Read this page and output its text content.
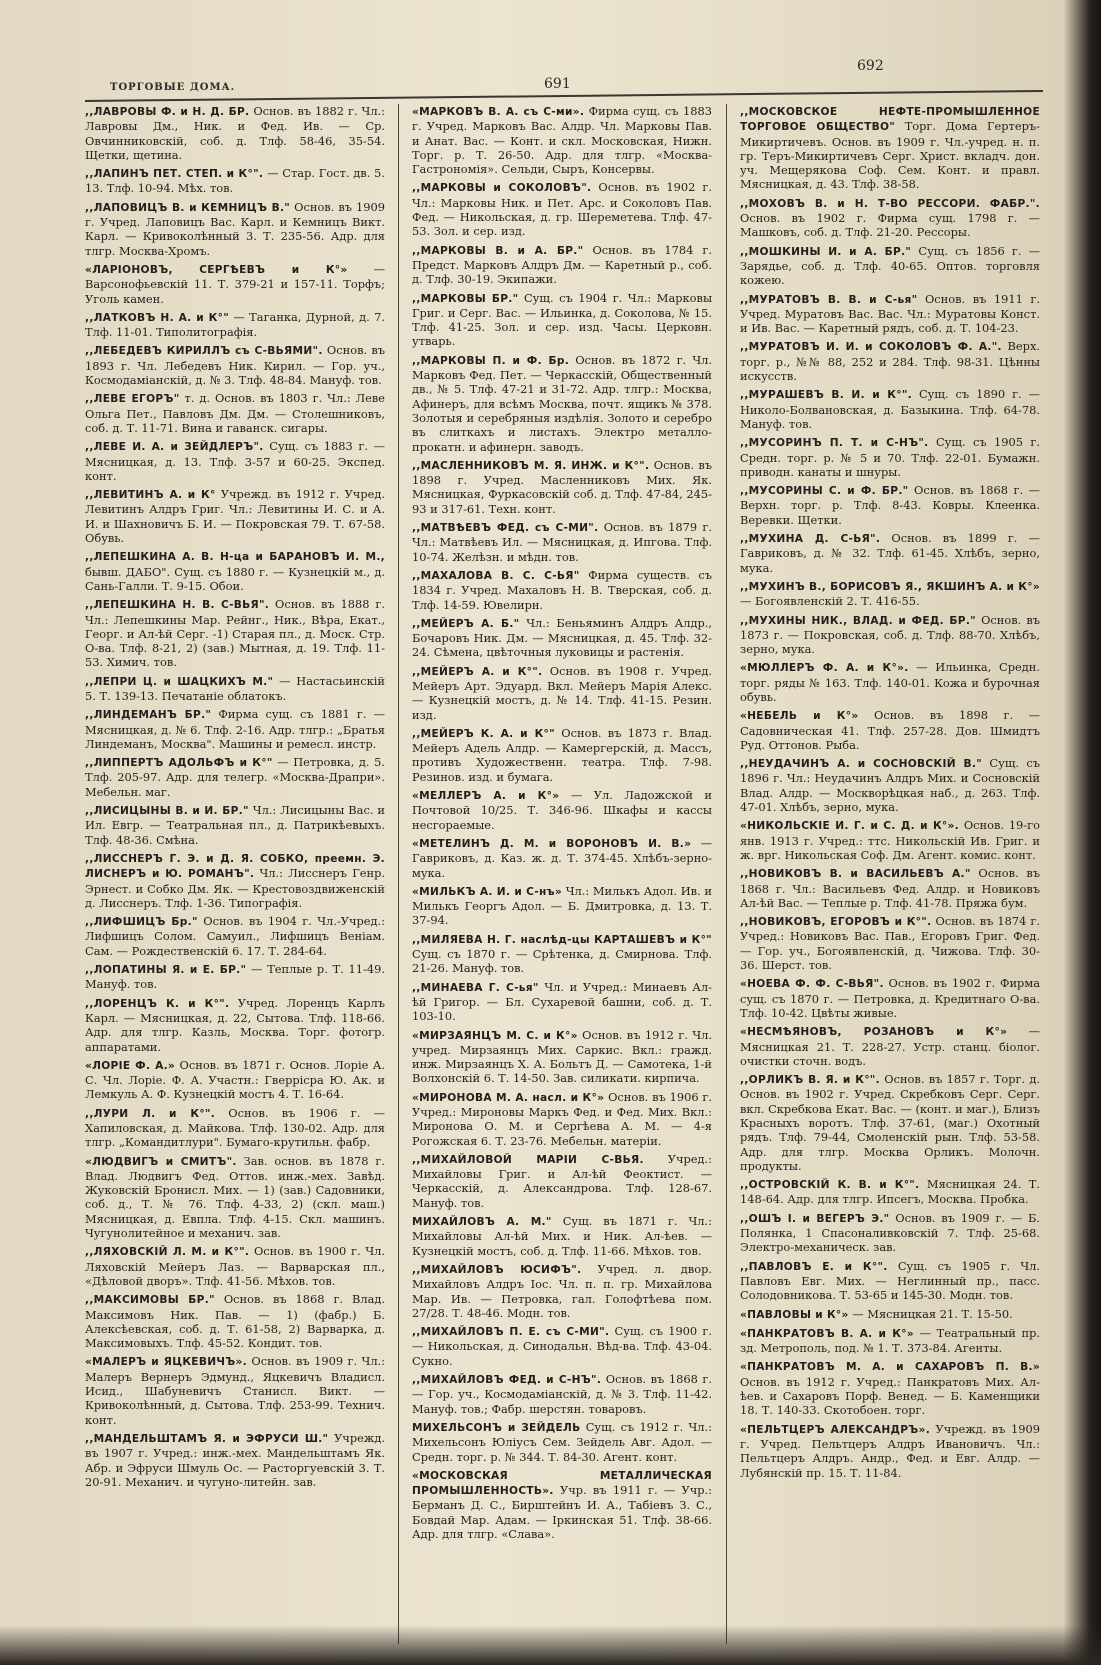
ТОРГОВЫЕ ДОМА.	691
692
,,ЛАВРОВЫ Ф. и Н. Д. БР. Основ. въ 1882 г. Чл.: Лавровы Дм., Ник. и Фед. Ив. — Ср. Овчинниковскій, соб. д. Тлф. 58-46, 35-54. Щетки, щетина.
,,ЛАПИНЪ ПЕТ. СТЕП. и К°". — Стар. Гост. дв. 5. 13. Тлф. 10-94. Мѣх. тов.
,,ЛАПОВИЦЪ В. и КЕМНИЦЪ В." Основ. въ 1909 г. Учред. Лаповицъ Вас. Карл. и Кемницъ Викт. Карл. — Кривоколѣнный 3. Т. 235-56. Адр. для тлгр. Москва-Хромъ.
«ЛАРІОНОВЪ, СЕРГѢЕВЪ и К°» — Варсонофьевскій 11. Т. 379-21 и 157-11. Торфъ; Уголь камен.
,,ЛАТКОВЪ Н. А. и К°" — Таганка, Дурной, д. 7. Тлф. 11-01. Типолитографія.
,,ЛЕБЕДЕВЪ КИРИЛЛЪ съ С-ВЬЯМИ". Основ. въ 1893 г. Чл. Лебедевъ Ник. Кирил. — Гор. уч., Космодаміанскій, д. № 3. Тлф. 48-84. Мануф. тов.
,,ЛЕВЕ ЕГОРЪ" т. д. Основ. въ 1803 г. Чл.: Леве Ольга Пет., Павловъ Дм. Дм. — Столешниковъ, соб. д. Т. 11-71. Вина и гаванск. сигары.
,,ЛЕВЕ И. А. и ЗЕЙДЛЕРЪ". Сущ. съ 1883 г. — Мясницкая, д. 13. Тлф. 3-57 и 60-25. Экспед. конт.
,,ЛЕВИТИНЪ А. и К° Учрежд. въ 1912 г. Учред. Левитинъ Алдръ Григ. Чл.: Левитины И. С. и А. И. и Шахновичъ Б. И. — Покровская 79. Т. 67-58. Обувь.
,,ЛЕПЕШКИНА А. В. Н-ца и БАРАНОВЪ И. М., бывш. ДАБО". Сущ. съ 1880 г. — Кузнецкій м., д. Сань-Галли. Т. 9-15. Обои.
,,ЛЕПЕШКИНА Н. В. С-ВЬЯ". Основ. въ 1888 г. Чл.: Лепешкины Мар. Рейнг., Ник., Вѣра, Екат., Георг. и Ал-ѣй Серг. -1) Старая пл., д. Моск. Стр. О-ва. Тлф. 8-21, 2) (зав.) Мытная, д. 19. Тлф. 11-53. Химич. тов.
,,ЛЕПРИ Ц. и ШАЦКИХЪ М." — Настасьинскій 5. Т. 139-13. Печатаніе облатокъ.
,,ЛИНДЕМАНЪ БР." Фирма сущ. съ 1881 г. — Мясницкая, д. № 6. Тлф. 2-16. Адр. тлгр.: „Братья Линдеманъ, Москва". Машины и ремесл. инстр.
,,ЛИППЕРТЪ АДОЛЬФЪ и К°" — Петровка, д. 5. Тлф. 205-97. Адр. для телегр. «Москва-Драпри». Мебельн. маг.
,,ЛИСИЦЫНЫ В. и И. БР." Чл.: Лисицыны Вас. и Ил. Евгр. — Театральная пл., д. Патрикѣевыхъ. Тлф. 48-36. Смѣна.
,,ЛИССНЕРЪ Г. Э. и Д. Я. СОБКО, преемн. Э. ЛИСНЕРЪ и Ю. РОМАНЪ". Чл.: Лисснеръ Генр. Эрнест. и Собко Дм. Як. — Крестовоздвиженскій д. Лисснеръ. Тлф. 1-36. Типографія.
,,ЛИФШИЦЪ Бр." Основ. въ 1904 г. Чл.-Учред.: Лифшицъ Солом. Самуил., Лифшицъ Веніам. Сам. — Рождественскій 6. 17. Т. 284-64.
,,ЛОПАТИНЫ Я. и Е. БР." — Теплые р. Т. 11-49. Мануф. тов.
,,ЛОРЕНЦЪ К. и К°". Учред. Лоренцъ Карлъ Карл. — Мясницкая, д. 22, Сытова. Тлф. 118-66. Адр. для тлгр. Казль, Москва. Торг. фотогр. аппаратами.
«ЛОРІЕ Ф. А.» Основ. въ 1871 г. Основ. Лоріе А. С. Чл. Лоріе. Ф. А. Участн.: Гверрісра Ю. Ак. и Лемкуль А. Ф. Кузнецкій мостъ 4. Т. 16-64.
,,ЛУРИ Л. и К°". Основ. въ 1906 г. — Хапиловская, д. Майкова. Тлф. 130-02. Адр. для тлгр. „Командитлури". Бумаго-крутильн. фабр.
«ЛЮДВИГЪ и СМИТЪ". Зав. основ. въ 1878 г. Влад. Людвигъ Фед. Оттов. инж.-мех. Завѣд. Жуковскій Бронисл. Мих. — 1) (зав.) Садовники, соб. д., Т. № 76. Тлф. 4-33, 2) (скл. маш.) Мясницкая, д. Евпла. Тлф. 4-15. Скл. машинъ. Чугунолитейное и механич. зав.
,,ЛЯХОВСКІЙ Л. М. и К°". Основ. въ 1900 г. Чл. Ляховскій Мейеръ Лаз. — Варварская пл., «Дѣловой дворъ». Тлф. 41-56. Мѣхов. тов.
,,МАКСИМОВЫ БР." Основ. въ 1868 г. Влад. Максимовъ Ник. Пав. — 1) (фабр.) Б. Алексѣевская, соб. д. Т. 61-58, 2) Варварка, д. Максимовыхъ. Тлф. 45-52. Кондит. тов.
«МАЛЕРЪ и ЯЦКЕВИЧЪ». Основ. въ 1909 г. Чл.: Малеръ Вернеръ Эдмунд., Яцкевичъ Владисл. Исид., Шабуневичъ Станисл. Викт. — Кривоколѣнный, д. Сытова. Тлф. 253-99. Технич. конт.
,,МАНДЕЛЬШТАМЪ Я. и ЭФРУСИ Ш." Учрежд. въ 1907 г. Учред.: инж.-мех. Мандельштамъ Як. Абр. и Эфруси Шмуль Ос. — Расторгуевскій 3. Т. 20-91. Механич. и чугуно-литейн. зав.
«МАРКОВЪ В. А. съ С-ми». Фирма сущ. съ 1883 г. Учред. Марковъ Вас. Алдр. Чл. Марковы Пав. и Анат. Вас. — Конт. и скл. Московская, Нижн. Торг. р. Т. 26-50. Адр. для тлгр. «Москва-Гастрономія». Сельди, Сыръ, Консервы.
,,МАРКОВЫ и СОКОЛОВЪ". Основ. въ 1902 г. Чл.: Марковы Ник. и Пет. Арс. и Соколовъ Пав. Фед. — Никольская, д. гр. Шереметева. Тлф. 47-53. Зол. и сер. изд.
,,МАРКОВЫ В. и А. БР." Основ. въ 1784 г. Предст. Марковъ Алдръ Дм. — Каретный р., соб. д. Тлф. 30-19. Экипажи.
,,МАРКОВЫ БР." Сущ. съ 1904 г. Чл.: Марковы Григ. и Серг. Вас. — Ильинка, д. Соколова, № 15. Тлф. 41-25. Зол. и сер. изд. Часы. Церковн. утварь.
,,МАРКОВЫ П. и Ф. Бр. Основ. въ 1872 г. Чл. Марковъ Фед. Пет. — Черкасскій, Общественный дв., № 5. Тлф. 47-21 и 31-72. Адр. тлгр.: Москва, Афинеръ, для всѣмъ Москва, почт. ящикъ № 378. Золотыя и серебряныя издѣлія. Золото и серебро въ слиткахъ и листахъ. Электро металло-прокатн. и афинерн. заводъ.
,,МАСЛЕННИКОВЪ М. Я. ИНЖ. и К°". Основ. въ 1898 г. Учред. Масленниковъ Мих. Як. Мясницкая, Фуркасовскій соб. д. Тлф. 47-84, 245-93 и 317-61. Техн. конт.
,,МАТВѢЕВЪ ФЕД. съ С-МИ". Основ. въ 1879 г. Чл.: Матвѣевъ Ил. — Мясницкая, д. Ипгова. Тлф. 10-74. Желѣзн. и мѣдн. тов.
,,МАХАЛОВА В. С. С-ЬЯ" Фирма существ. съ 1834 г. Учред. Махаловъ Н. В. Тверская, соб. д. Тлф. 14-59. Ювелирн.
,,МЕЙЕРЪ А. Б." Чл.: Беньяминъ Алдръ Алдр., Бочаровъ Ник. Дм. — Мясницкая, д. 45. Тлф. 32-24. Сѣмена, цвѣточныя луковицы и растенія.
,,МЕЙЕРЪ А. и К°". Основ. въ 1908 г. Учред. Мейеръ Арт. Эдуард. Вкл. Мейеръ Марія Алекс. — Кузнецкій мостъ, д. № 14. Тлф. 41-15. Резин. изд.
,,МЕЙЕРЪ К. А. и К°" Основ. въ 1873 г. Влад. Мейеръ Адель Алдр. — Камергерскій, д. Массъ, противъ Художественн. театра. Тлф. 7-98. Резинов. изд. и бумага.
«МЕЛЛЕРЪ А. и К°» — Ул. Ладожской и Почтовой 10/25. Т. 346-96. Шкафы и кассы несгораемые.
«МЕТЕЛИНЪ Д. М. и ВОРОНОВЪ И. В.» — Гавриковъ, д. Каз. ж. д. Т. 374-45. Хлѣбъ-зерно-мука.
«МИЛЬКЪ А. И. и С-нъ» Чл.: Милькъ Адол. Ив. и Милькъ Георгъ Адол. — Б. Дмитровка, д. 13. Т. 37-94.
,,МИЛЯЕВА Н. Г. наслѣд-цы КАРТАШЕВЪ и К°" Сущ. съ 1870 г. — Срѣтенка, д. Смирнова. Тлф. 21-26. Мануф. тов.
,,МИНАЕВА Г. С-ья" Чл. и Учред.: Минаевъ Ал-ѣй Григор. — Бл. Сухаревой башни, соб. д. Т. 103-10.
«МИРЗАЯНЦЪ М. С. и К°» Основ. въ 1912 г. Чл. учред. Мирзаянцъ Мих. Саркис. Вкл.: гражд. инж. Мирзаянцъ Х. А. Больтъ Д. — Самотека, 1-й Волхонскій 6. Т. 14-50. Зав. силикати. кирпича.
«МИРОНОВА М. А. насл. и К°» Основ. въ 1906 г. Учред.: Мироновы Маркъ Фед. и Фед. Мих. Вкл.: Миронова О. М. и Сергѣева А. М. — 4-я Рогожская 6. Т. 23-76. Мебельн. матеріи.
,,МИХАЙЛОВОЙ МАРІИ С-ВЬЯ. Учред.: Михайловы Григ. и Ал-ѣй Феоктист. — Черкасскій, д. Александрова. Тлф. 128-67. Мануф. тов.
МИХАЙЛОВЪ А. М." Сущ. въ 1871 г. Чл.: Михайловы Ал-ѣй Мих. и Ник. Ал-ѣев. — Кузнецкій мостъ, соб. д. Тлф. 11-66. Мѣхов. тов.
,,МИХАЙЛОВЪ ЮСИФЪ". Учред. л. двор. Михайловъ Алдръ Іос. Чл. п. п. гр. Михайлова Мар. Ив. — Петровка, гал. Голофтѣева пом. 27/28. Т. 48-46. Модн. тов.
,,МИХАЙЛОВЪ П. Е. съ С-МИ". Сущ. съ 1900 г. — Никольская, д. Синодальн. Вѣд-ва. Тлф. 43-04. Сукно.
,,МИХАЙЛОВЪ ФЕД. и С-НЪ". Основ. въ 1868 г. — Гор. уч., Космодаміанскій, д. № 3. Тлф. 11-42. Мануф. тов.; Фабр. шерстян. товаровъ.
МИХЕЛЬСОНЪ и ЗЕЙДЕЛЬ Сущ. съ 1912 г. Чл.: Михельсонъ Юліусъ Сем. Зейдель Авг. Адол. — Средн. торг. р. № 344. Т. 84-30. Агент. конт.
«МОСКОВСКАЯ МЕТАЛЛИЧЕСКАЯ ПРОМЫШЛЕННОСТЬ». Учр. въ 1911 г. — Учр.: Берманъ Д. С., Бирштейнъ И. А., Табіевъ З. С., Бовдай Мар. Адам. — Іркинская 51. Тлф. 38-66. Адр. для тлгр. «Слава».
,,МОСКОВСКОЕ НЕФТЕ-ПРОМЫШЛЕННОЕ ТОРГОВОЕ ОБЩЕСТВО" Торг. Дома Гертеръ-Микиртичевъ. Основ. въ 1909 г. Чл.-учред. н. п. гр. Теръ-Микиртичевъ Серг. Христ. вкладч. дон. уч. Мещерякова Соф. Сем. Конт. и правл. Мясницкая, д. 43. Тлф. 38-58.
,,МОХОВЪ В. и Н. Т-ВО РЕССОРИ. ФАБР.". Основ. въ 1902 г. Фирма сущ. 1798 г. — Машковъ, соб. д. Тлф. 21-20. Рессоры.
,,МОШКИНЫ И. и А. БР." Сущ. съ 1856 г. — Зарядье, соб. д. Тлф. 40-65. Оптов. торговля кожею.
,,МУРАТОВЪ В. В. и С-ья" Основ. въ 1911 г. Учред. Муратовъ Вас. Вас. Чл.: Муратовы Конст. и Ив. Вас. — Каретный рядъ, соб. д. Т. 104-23.
,,МУРАТОВЪ И. И. и СОКОЛОВЪ Ф. А.". Верх. торг. р., №№ 88, 252 и 284. Тлф. 98-31. Цѣнны искусств.
,,МУРАШЕВЪ В. И. и К°". Сущ. съ 1890 г. — Николо-Болвановская, д. Базыкина. Тлф. 64-78. Мануф. тов.
,,МУСОРИНЪ П. Т. и С-НЪ". Сущ. съ 1905 г. Средн. торг. р. № 5 и 70. Тлф. 22-01. Бумажн. приводн. канаты и шнуры.
,,МУСОРИНЫ С. и Ф. БР." Основ. въ 1868 г. — Верхн. торг. р. Тлф. 8-43. Ковры. Клеенка. Веревки. Щетки.
,,МУХИНА Д. С-ЬЯ". Основ. въ 1899 г. — Гавриковъ, д. № 32. Тлф. 61-45. Хлѣбъ, зерно, мука.
,,МУХИНЪ В., БОРИСОВЪ Я., ЯКШИНЪ А. и К°» — Богоявленскій 2. Т. 416-55.
,,МУХИНЫ НИК., ВЛАД. и ФЕД. БР." Основ. въ 1873 г. — Покровская, соб. д. Тлф. 88-70. Хлѣбъ, зерно, мука.
«МЮЛЛЕРЪ Ф. А. и К°». — Ильинка, Средн. торг. ряды № 163. Тлф. 140-01. Кожа и бурочная обувь.
«НЕБЕЛЬ и К°» Основ. въ 1898 г. — Садовническая 41. Тлф. 257-28. Дов. Шмидтъ Руд. Оттонов. Рыба.
,,НЕУДАЧИНЪ А. и СОСНОВСКІЙ В." Сущ. съ 1896 г. Чл.: Неудачинъ Алдръ Мих. и Сосновскій Влад. Алдр. — Москворѣцкая наб., д. 263. Тлф. 47-01. Хлѣбъ, зерно, мука.
«НИКОЛЬСКІЕ И. Г. и С. Д. и К°». Основ. 19-го янв. 1913 г. Учред.: ттс. Никольскій Ив. Григ. и ж. врг. Никольская Соф. Дм. Агент. комис. конт.
,,НОВИКОВЪ В. и ВАСИЛЬЕВЪ А." Основ. въ 1868 г. Чл.: Васильевъ Фед. Алдр. и Новиковъ Ал-ѣй Вас. — Теплые р. Тлф. 41-78. Пряжа бум.
,,НОВИКОВЪ, ЕГОРОВЪ и К°". Основ. въ 1874 г. Учред.: Новиковъ Вас. Пав., Егоровъ Григ. Фед. — Гор. уч., Богоявленскій, д. Чижова. Тлф. 30-36. Шерст. тов.
«НОЕВА Ф. Ф. С-ВЬЯ". Основ. въ 1902 г. Фирма сущ. съ 1870 г. — Петровка, д. Кредитнаго О-ва. Тлф. 10-42. Цвѣты живые.
«НЕСМѢЯНОВЪ, РОЗАНОВЪ и К°» — Мясницкая 21. Т. 228-27. Устр. станц. біолог. очистки сточн. водъ.
,,ОРЛИКЪ В. Я. и К°". Основ. въ 1857 г. Торг. д. Основ. въ 1902 г. Учред. Скребковъ Серг. Серг. вкл. Скребкова Екат. Вас. — (конт. и маг.), Близъ Красныхъ воротъ. Тлф. 37-61, (маг.) Охотный рядъ. Тлф. 79-44, Смоленскій рын. Тлф. 53-58. Адр. для тлгр. Москва Орликъ. Молочн. продукты.
,,ОСТРОВСКІЙ К. В. и К°". Мясницкая 24. Т. 148-64. Адр. для тлгр. Ипсегъ, Москва. Пробка.
,,ОШЪ І. и ВЕГЕРЪ Э." Основ. въ 1909 г. — Б. Полянка, 1 Спасоналивковскій 7. Тлф. 25-68. Электро-механическ. зав.
,,ПАВЛОВЪ Е. и К°". Сущ. съ 1905 г. Чл. Павловъ Евг. Мих. — Неглинный пр., пасс. Солодовникова. Т. 53-65 и 145-30. Модн. тов.
«ПАВЛОВЫ и К°» — Мясницкая 21. Т. 15-50.
«ПАНКРАТОВЪ В. А. и К°» — Театральный пр. зд. Метрополь, под. № 1. Т. 373-84. Агенты.
«ПАНКРАТОВЪ М. А. и САХАРОВЪ П. В.» Основ. въ 1912 г. Учред.: Панкратовъ Мих. Ал-ѣев. и Сахаровъ Порф. Венед. — Б. Каменщики 18. Т. 140-33. Скотобоен. торг.
«ПЕЛЬТЦЕРЪ АЛЕКСАНДРЪ». Учрежд. въ 1909 г. Учред. Пельтцеръ Алдръ Ивановичъ. Чл.: Пельтцеръ Алдръ. Андр., Фед. и Евг. Алдр. — Лубянскій пр. 15. Т. 11-84.
